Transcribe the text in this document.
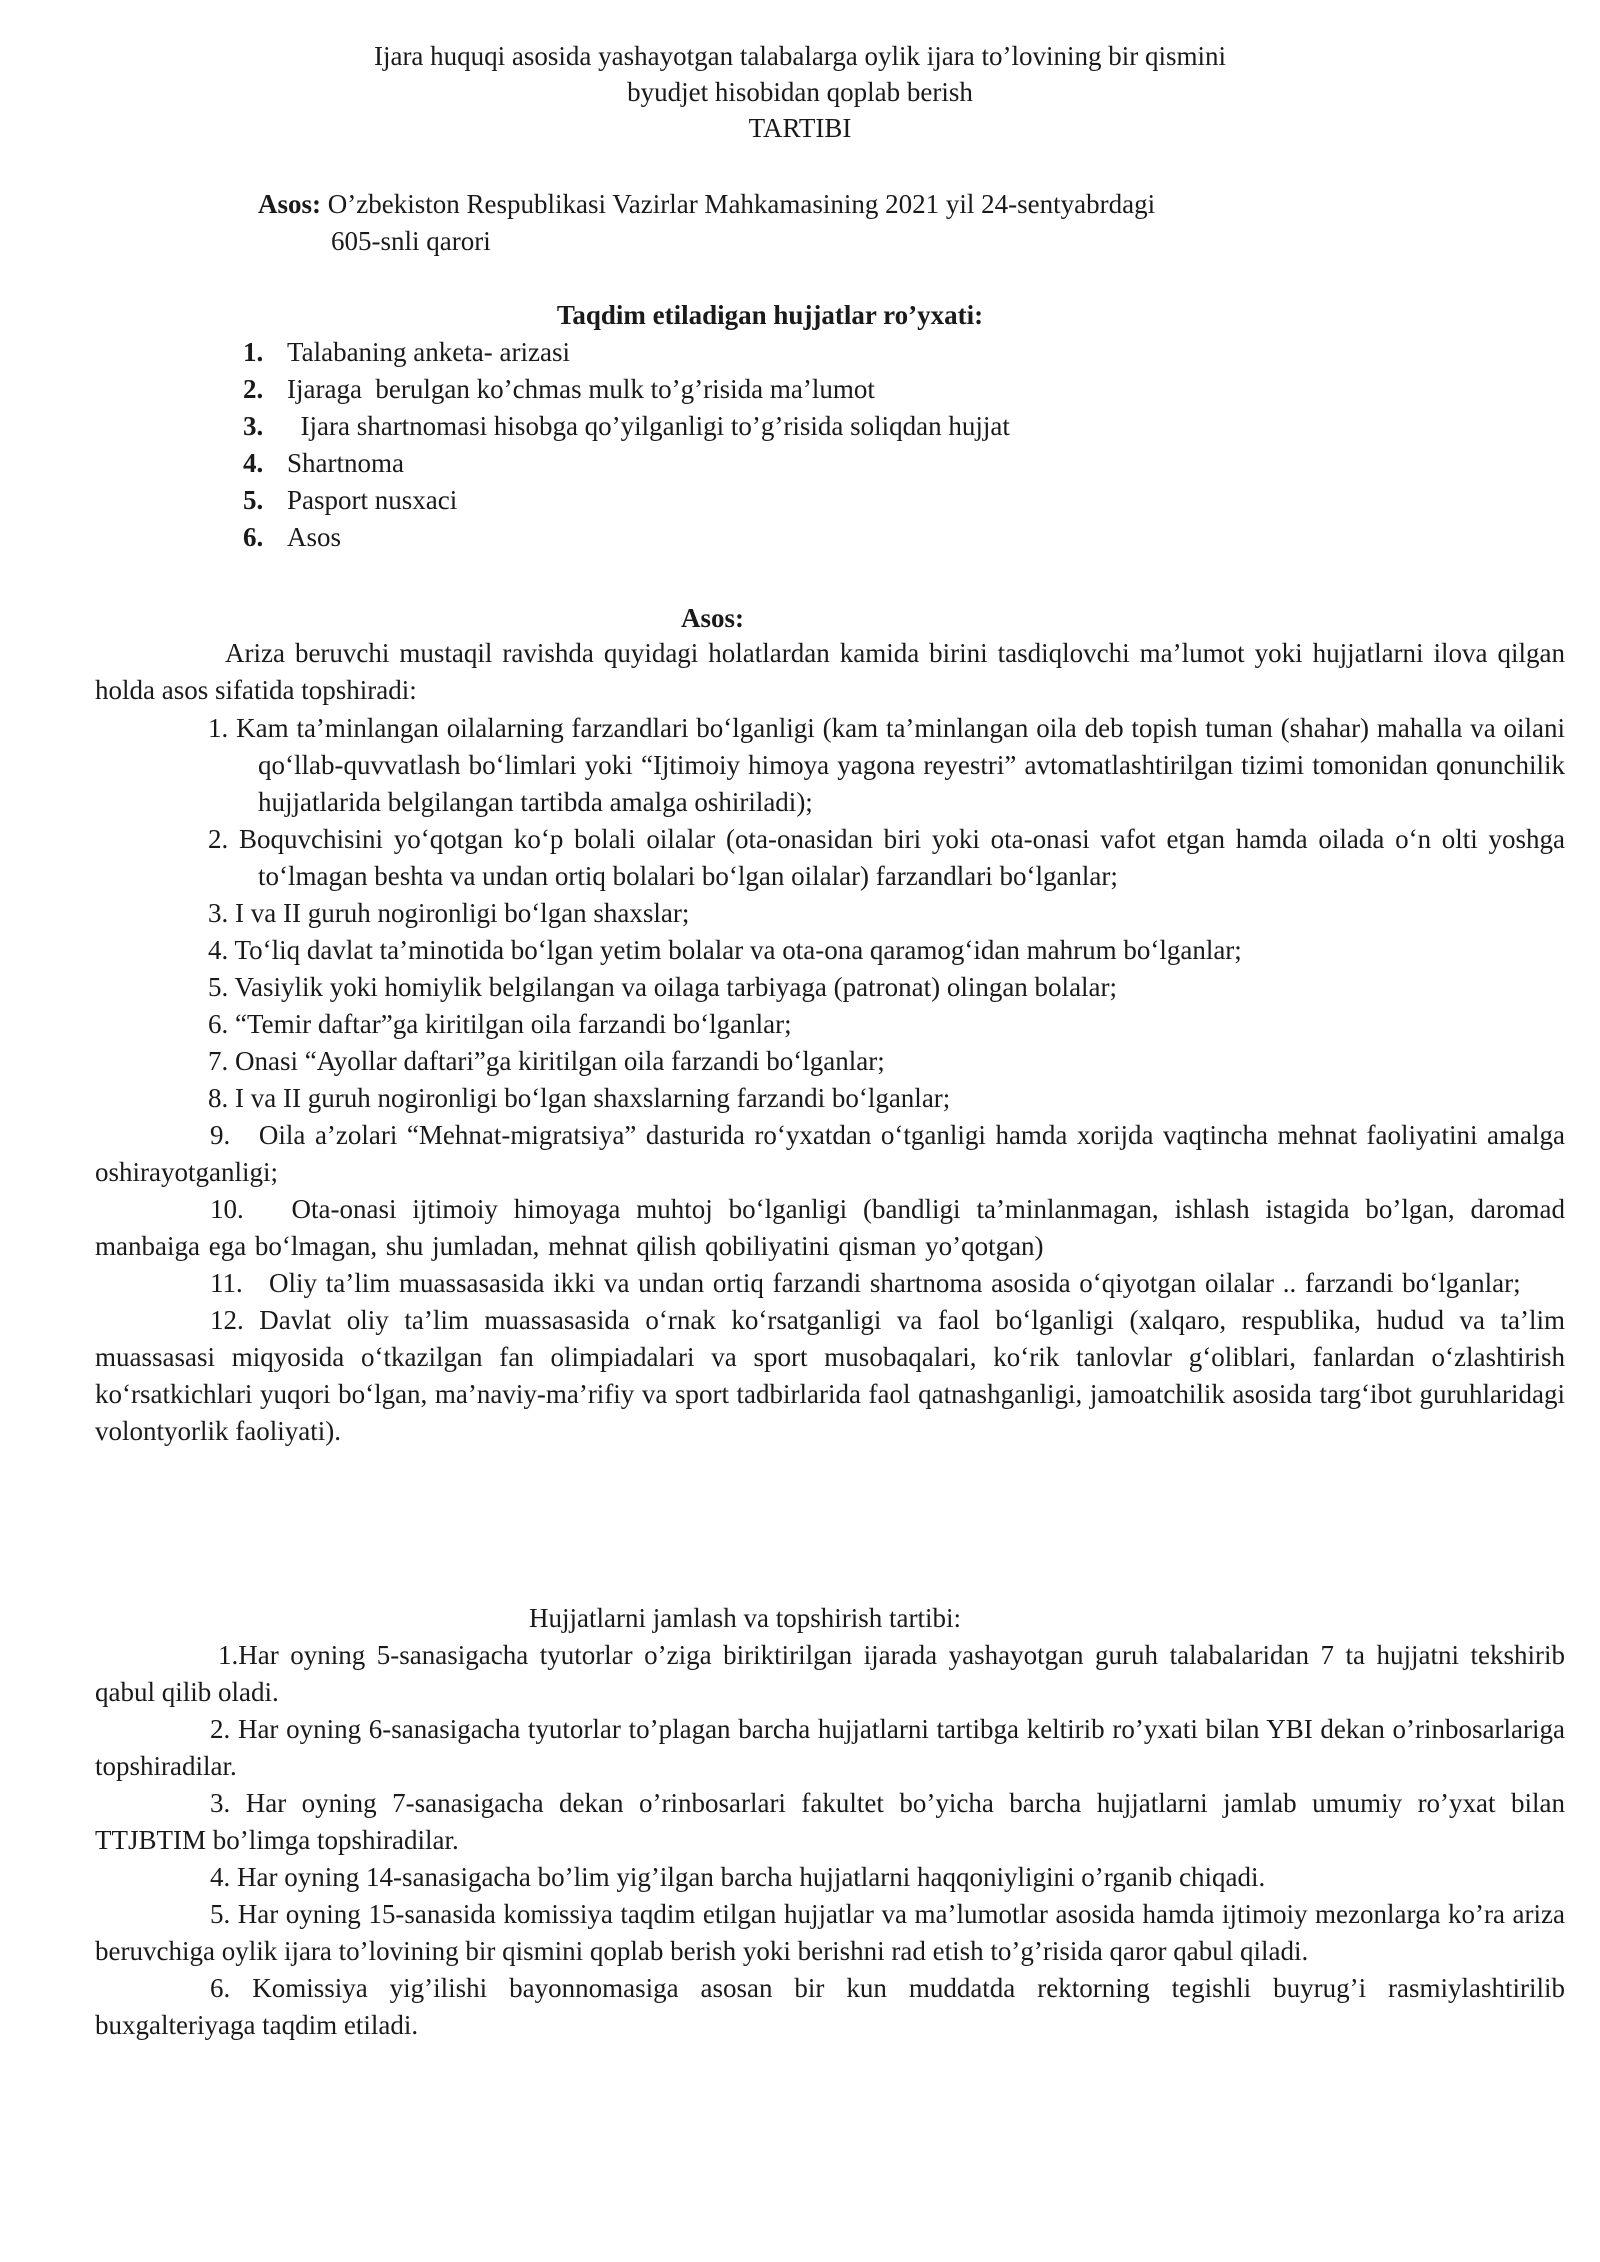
Ijara huquqi asosida yashayotgan talabalarga oylik ijara to’lovining bir qismini
byudjet hisobidan qoplab berish
TARTIBI
Asos: O’zbekiston Respublikasi Vazirlar Mahkamasining 2021 yil 24-sentyabrdagi
605-snli qarori
Taqdim etiladigan hujjatlar ro’yxati:
1. Talabaning anketa- arizasi
2. Ijaraga  berulgan ko’chmas mulk to’g’risida ma’lumot
3.  Ijara shartnomasi hisobga qo’yilganligi to’g’risida soliqdan hujjat
4. Shartnoma
5. Pasport nusxaci
6. Asos
Asos:
Ariza beruvchi mustaqil ravishda quyidagi holatlardan kamida birini tasdiqlovchi ma’lumot yoki hujjatlarni ilova qilgan holda asos sifatida topshiradi:
1. Kam ta’minlangan oilalarning farzandlari bo‘lganligi (kam ta’minlangan oila deb topish tuman (shahar) mahalla va oilani qo‘llab-quvvatlash bo‘limlari yoki “Ijtimoiy himoya yagona reyestri” avtomatlashtirilgan tizimi tomonidan qonunchilik hujjatlarida belgilangan tartibda amalga oshiriladi);
2. Boquvchisini yo‘qotgan ko‘p bolali oilalar (ota-onasidan biri yoki ota-onasi vafot etgan hamda oilada o‘n olti yoshga to‘lmagan beshta va undan ortiq bolalari bo‘lgan oilalar) farzandlari bo‘lganlar;
3. I va II guruh nogironligi bo‘lgan shaxslar;
4. To‘liq davlat ta’minotida bo‘lgan yetim bolalar va ota-ona qaramog‘idan mahrum bo‘lganlar;
5. Vasiylik yoki homiylik belgilangan va oilaga tarbiyaga (patronat) olingan bolalar;
6. “Temir daftar”ga kiritilgan oila farzandi bo‘lganlar;
7. Onasi “Ayollar daftari”ga kiritilgan oila farzandi bo‘lganlar;
8. I va II guruh nogironligi bo‘lgan shaxslarning farzandi bo‘lganlar;
9. Oila a’zolari “Mehnat-migratsiya” dasturida ro‘yxatdan o‘tganligi hamda xorijda vaqtincha mehnat faoliyatini amalga oshirayotganligi;
10. Ota-onasi ijtimoiy himoyaga muhtoj bo‘lganligi (bandligi ta’minlanmagan, ishlash istagida bo’lgan, daromad manbaiga ega bo‘lmagan, shu jumladan, mehnat qilish qobiliyatini qisman yo’qotgan)
11. Oliy ta’lim muassasasida ikki va undan ortiq farzandi shartnoma asosida o‘qiyotgan oilalar .. farzandi bo‘lganlar;
12. Davlat oliy ta’lim muassasasida o‘rnak ko‘rsatganligi va faol bo‘lganligi (xalqaro, respublika, hudud va ta’lim muassasasi miqyosida o‘tkazilgan fan olimpiadalari va sport musobaqalari, ko‘rik tanlovlar g‘oliblari, fanlardan o‘zlashtirish ko‘rsatkichlari yuqori bo‘lgan, ma’naviy-ma’rifiy va sport tadbirlarida faol qatnashganligi, jamoatchilik asosida targ‘ibot guruhlaridagi volontyorlik faoliyati).
Hujjatlarni jamlash va topshirish tartibi:
1.Har oyning 5-sanasigacha tyutorlar o’ziga biriktirilgan ijarada yashayotgan guruh talabalaridan 7 ta hujjatni tekshirib qabul qilib oladi.
2. Har oyning 6-sanasigacha tyutorlar to’plagan barcha hujjatlarni tartibga keltirib ro’yxati bilan YBI dekan o’rinbosarlariga topshiradilar.
3. Har oyning 7-sanasigacha dekan o’rinbosarlari fakultet bo’yicha barcha hujjatlarni jamlab umumiy ro’yxat bilan TTJBTIM bo’limga topshiradilar.
4. Har oyning 14-sanasigacha bo’lim yig’ilgan barcha hujjatlarni haqqoniyligini o’rganib chiqadi.
5. Har oyning 15-sanasida komissiya taqdim etilgan hujjatlar va ma’lumotlar asosida hamda ijtimoiy mezonlarga ko’ra ariza beruvchiga oylik ijara to’lovining bir qismini qoplab berish yoki berishni rad etish to’g’risida qaror qabul qiladi.
6. Komissiya yig’ilishi bayonnomasiga asosan bir kun muddatda rektorning tegishli buyrug’i rasmiylashtirilib buxgalteriyaga taqdim etiladi.
